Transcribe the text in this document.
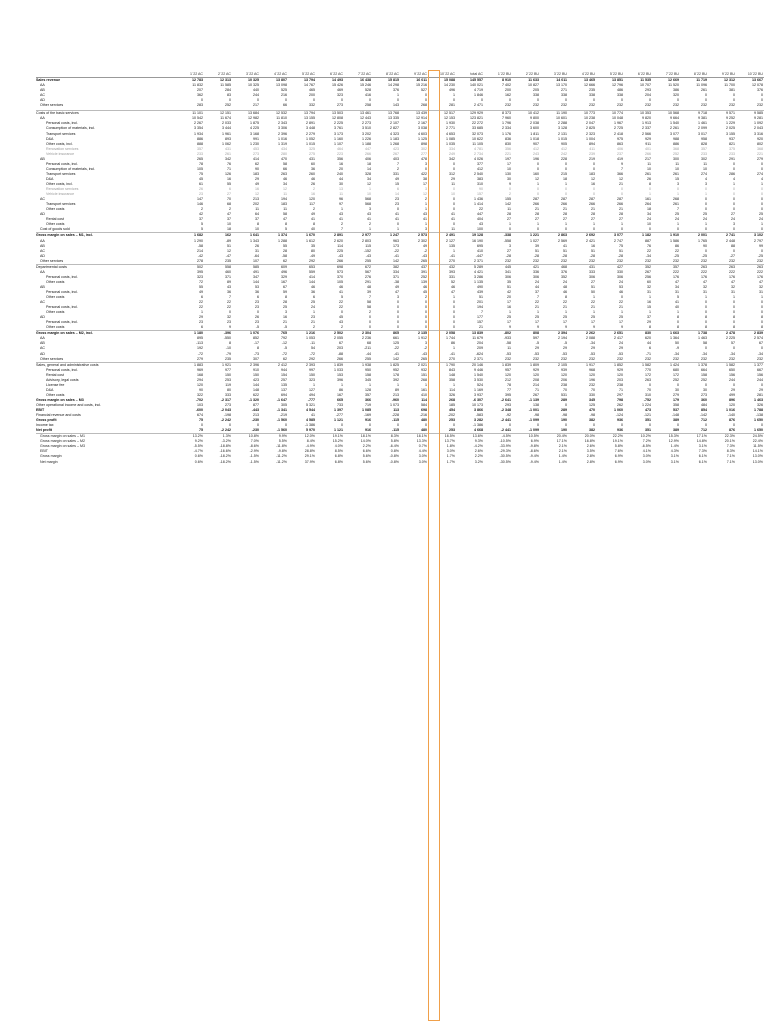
	1`22 AC	2`22 AC	3`22 AC	4`22 AC	5`22 AC	6`22 AC	7`22 AC	8`22 AC	9`22 AC	10`22 AC	total AC	1`22 BU	2`22 BU	3`22 BU	4`22 BU	5`22 BU	6`22 BU	7`22 BU	8`22 BU	9`22 BU	10`22 BU
Sales revenue	12 783	12 313	10 325	13 807	13 794	14 493	16 438	15 815	16 011	15 088	145 557	8 910	11 633	14 011	13 465	13 851	11 535	12 669	11 719	12 312	13 667
AA	11 832	11 585	10 325	13 098	14 767	15 426	15 246	14 298	15 216	14 230	140 021	7 402	10 827	13 170	12 666	12 796	10 707	11 520	11 096	11 700	12 078
AB	207	284	440	525	465	469	528	376	527	496	4 719	200	205	271	235	486	293	386	261	381	376
AC	362	83	244	216	200	323	416	1	0	1	1 846	162	338	338	338	338	204	320	0	0	0
AD	0	0	0	0	0	0	0	0	0	0	0	0	0	0	0	0	0	0	0	0	0
Other services	283	252	217	66	332	273	258	143	268	281	2 471	232	232	232	232	232	232	232	232	232	232

Costs of the basic services	11 101	12 151	13 684	12 532	13 794	13 503	13 461	13 768	13 439	12 517	129 929	8 373	10 412	11 190	10 773	10 774	10 353	10 568	9 718	9 571	9 585
AA	10 542	11 674	12 982	11 810	13 155	12 808	12 443	13 335	12 914	12 153	123 821	7 960	9 800	10 601	10 238	10 048	9 820	9 664	9 381	9 252	9 281
Personal costs, incl.	2 267	2 033	1 875	2 343	2 891	2 225	2 273	2 107	2 167	1 930	22 272	1 796	2 038	2 288	2 047	1 967	1 913	1 540	1 461	1 229	1 092
Consumption of materials, incl.	3 354	3 444	4 225	3 306	3 448	3 761	3 510	2 827	3 038	2 771	33 685	2 334	3 600	3 128	2 825	2 725	2 337	2 261	2 099	2 025	2 043
Transport services	1 934	1 961	3 168	2 396	2 279	3 173	3 202	4 323	4 603	4 653	32 073	1 176	1 811	2 131	2 323	2 418	2 566	3 077	3 017	3 155	3 316
D&A	886	893	991	1 016	1 052	1 160	1 226	1 183	1 125	1 085	10 622	836	1 018	1 015	1 004	975	929	988	958	937	920
Other costs, incl.	888	1 062	1 230	1 319	1 015	1 107	1 188	1 268	898	1 035	11 105	830	907	905	894	863	911	886	828	821	802
Renovation services	357	431	453	434	325	464	447	423	302	334	4 781	356	412	412	411	406	401	368	357	375	368
Vehicle insurance	233	261	273	280	275	223	266	267	277	249	2 734	221	243	242	239	237	266	252	233	233	221
AB	265	342	414	470	431	356	406	403	478	342	4 026	197	196	228	219	419	217	300	302	291	279
Personal costs, incl.	78	76	62	58	60	16	18	7	3	0	377	17	0	0	0	9	11	11	11	0	0
Consumption of materials, incl.	105	71	90	66	36	20	14	2	0	0	412	10	0	0	0	7	10	10	10	0	0
Transport services	75	126	183	263	260	240	328	331	422	312	2 540	130	160	215	183	366	261	261	274	286	274
D&A	45	16	29	46	46	44	34	49	38	29	383	30	12	18	12	12	26	15	4	4	4
Other costs, incl.	61	55	49	34	26	30	12	15	17	11	310	9	1	1	16	21	8	3	3	1	1
Renovation services	26	6	16	12	2	13	1	6	3	0	90	0	0	0	0	0	0	0	0	0	0
Vehicle insurance	23	27	12	11	16	11	10	14	12	10	157	2	0	0	0	0	1	1	1	0	0
AC	147	70	213	194	120	96	568	23	2	0	1 436	155	287	287	287	287	161	268	0	0	0
Transport services	146	68	202	183	117	97	568	23	1	0	1 414	142	266	266	266	266	264	261	0	0	0
Other costs	2	2	11	11	2	1	3	0	1	0	22	11	21	21	21	21	18	7	0	0	0
AD	42	47	64	58	49	43	43	41	43	41	447	28	28	28	28	28	34	25	25	27	25
Rental cost	37	37	37	47	41	41	41	41	41	41	404	27	27	27	27	27	24	24	24	24	24
Other costs	5	10	8	8	8	2	2	0	1	0	43	1	1	1	1	1	10	1	1	3	1
Cost of goods sold	5	18	10	5	40	7	1	1	3	11	100	0	0	0	0	0	0	0	0	0	0
Gross margin on sales – M1, incl.	1 682	162	1 641	1 374	1 670	2 891	2 977	1 247	2 573	2 491	19 128	-338	1 221	2 863	2 692	3 077	1 182	1 910	2 001	2 741	3 102
AA	1 290	-89	1 343	1 288	1 612	2 620	2 803	963	2 302	2 127	16 190	-558	1 027	2 569	2 421	2 747	887	1 586	1 765	2 448	2 797
AB	-58	51	26	55	35	114	115	173	49	135	695	3	39	41	16	75	76	86	90	88	99
AC	214	12	31	28	80	225	-152	-22	-2	1	410	27	51	51	51	51	22	22	0	0	0
AD	-42	-47	-64	-58	-49	-43	-43	-41	-43	-41	-447	-28	-28	-28	-28	-28	-34	-25	-25	-27	-25
Other services	278	235	107	62	292	266	255	142	265	270	2 371	232	232	232	232	232	232	232	232	232	232
Departmental costs	502	558	585	609	653	698	672	382	437	432	5 289	445	421	468	431	427	352	357	263	263	263
AA	395	460	491	496	559	573	567	334	391	393	4 421	341	336	376	333	330	267	222	222	222	222
Personal costs, incl.	323	371	347	329	414	370	276	371	252	331	3 286	306	306	352	306	306	256	176	176	176	176
Other costs	72	89	144	167	144	105	291	-38	139	52	1 135	35	24	24	27	24	60	47	47	47	47
AB	55	43	53	67	46	46	48	49	46	46	490	51	44	48	51	53	32	34	32	32	32
Personal costs, incl.	49	36	36	59	36	41	39	47	45	47	439	42	37	46	50	46	31	31	31	31	31
Other costs	6	7	6	8	6	5	7	3	2	1	51	20	7	8	1	0	1	5	1	1	1
AC	22	22	23	28	25	22	58	0	0	0	201	17	22	22	22	22	16	41	0	0	0
Personal costs, incl.	22	22	23	25	24	22	58	0	0	0	194	16	21	21	21	21	15	40	0	0	0
Other costs	1	0	0	3	1	0	2	0	0	0	7	1	1	1	1	1	1	1	0	0	0
AD	29	32	26	16	23	45	0	0	0	0	177	25	25	25	25	25	37	8	8	8	8
Personal costs, incl.	23	23	23	21	21	43	0	0	0	0	157	17	17	17	17	17	29	0	0	0	0
Other costs	6	9	-5	-5	2	2	0	0	0	0	21	9	9	9	9	9	8	8	8	8	8
Gross margin on sales – M2, incl.	1 180	-396	1 076	765	1 216	2 502	2 304	865	2 135	2 058	13 839	-802	808	2 394	2 262	2 651	830	1 663	1 738	2 478	2 839
AA	895	-550	852	792	1 053	2 055	2 236	661	1 912	1 744	11 679	-933	597	2 194	2 088	2 417	620	1 364	1 463	2 225	2 574
AB	-113	8	-17	-12	-11	67	68	125	3	86	204	-58	-5	-5	-34	24	44	50	58	57	67
AC	192	-10	8	-5	54	203	-211	-22	-2	1	209	11	29	29	29	29	6	-9	0	0	0
AD	-72	-79	-73	-72	-72	-88	-44	-41	-43	-41	-624	-53	-53	-53	-53	-53	-71	-34	-34	-34	-34
Other services	279	235	307	62	292	266	255	142	265	270	2 371	232	232	232	232	232	232	232	232	232	232
Sales, general and administrative costs	1 883	1 921	2 396	2 412	2 393	1 839	1 938	1 825	2 021	1 790	20 146	1 839	1 809	2 105	1 917	1 852	1 582	1 424	1 378	1 582	1 377
Personal costs, incl.	969	977	910	944	997	1 033	950	952	932	843	9 446	957	929	939	968	929	770	680	664	650	667
Rental cost	168	150	150	154	150	153	158	178	151	148	1 540	120	120	120	120	120	172	172	158	156	156
Advisory, legal costs	294	253	423	257	323	396	345	392	268	358	3 530	212	208	206	196	203	263	252	252	244	244
License fee	120	119	144	135	1	1	1	1	1	1	524	78	214	238	232	238	0	0	0	0	0
D&A	90	80	148	137	127	86	128	89	161	114	1 169	77	71	70	70	71	70	30	30	29	29
Other costs	322	333	622	694	494	167	357	213	410	326	3 937	395	267	531	330	297	310	279	273	499	281
Gross margin on sales – M3	-702	-2 317	-1 320	-1 647	-777	665	366	-960	114	268	-6 307	-2 641	-1 139	289	345	798	-752	179	360	896	1 463
Other operational income and costs, incl.	103	273	877	305	5 321	733	719	1 073	584	185	10 173	293	138	0	125	262	1 224	358	484	120	326
EBIT	-600	-2 043	-443	-1 341	4 544	1 397	1 085	113	698	454	3 866	-2 348	-1 001	289	470	1 060	473	537	854	1 016	1 788
Financial revenue and costs	674	-198	213	-219	41	-277	-169	-228	-216	-202	-583	-92	-98	-98	-98	-124	-121	-148	-142	-140	-138
Gross profit	75	-2 242	-230	-1 560	4 585	1 121	916	-115	480	253	3 282	-2 441	-1 099	190	382	936	351	389	712	876	1 650
Income tax	0	0	0	0	-1 386	0	0	0	0	0	-1 386	0	0	0	0	0	0	0	0	0	0
Net profit	75	-2 242	-230	-1 560	5 970	1 121	916	-115	480	253	4 668	-2 441	-1 099	190	382	936	351	389	712	876	1 650
Gross margin on sales – M1	13.2%	1.3%	10.8%	9.9%	12.0%	19.1%	18.1%	8.3%	16.1%	16.5%	13.6%	-4.5%	10.5%	20.4%	20.0%	22.2%	10.2%	15.3%	17.1%	22.3%	24.5%
Gross margin on sales – M2	9.2%	-3.2%	7.0%	5.5%	8.4%	15.2%	14.0%	5.8%	13.3%	13.7%	9.3%	-10.5%	6.9%	17.1%	16.8%	19.1%	7.2%	12.9%	14.8%	20.1%	22.4%
Gross margin on sales – M3	-5.5%	-18.8%	-8.6%	-11.8%	-4.9%	4.0%	2.2%	-6.4%	0.7%	1.8%	-4.2%	-33.9%	-9.8%	2.1%	2.6%	5.8%	-6.5%	1.4%	3.1%	7.3%	11.5%
EBIT	-4.7%	-16.6%	-2.9%	-9.8%	28.8%	8.5%	6.6%	0.8%	4.4%	3.0%	2.6%	-29.3%	-8.6%	2.1%	3.5%	7.6%	4.1%	4.3%	7.3%	8.3%	14.1%
Gross margin	0.6%	-18.2%	-1.5%	-11.2%	29.1%	6.8%	5.6%	-0.8%	3.0%	1.7%	2.2%	-30.5%	-9.4%	1.4%	2.8%	6.9%	3.0%	3.1%	6.1%	7.1%	13.0%
Net margin	0.6%	-18.2%	-1.5%	-11.2%	37.9%	6.8%	5.6%	-0.8%	3.0%	1.7%	3.2%	-30.5%	-9.4%	1.4%	2.8%	6.9%	3.0%	3.1%	6.1%	7.1%	13.0%
